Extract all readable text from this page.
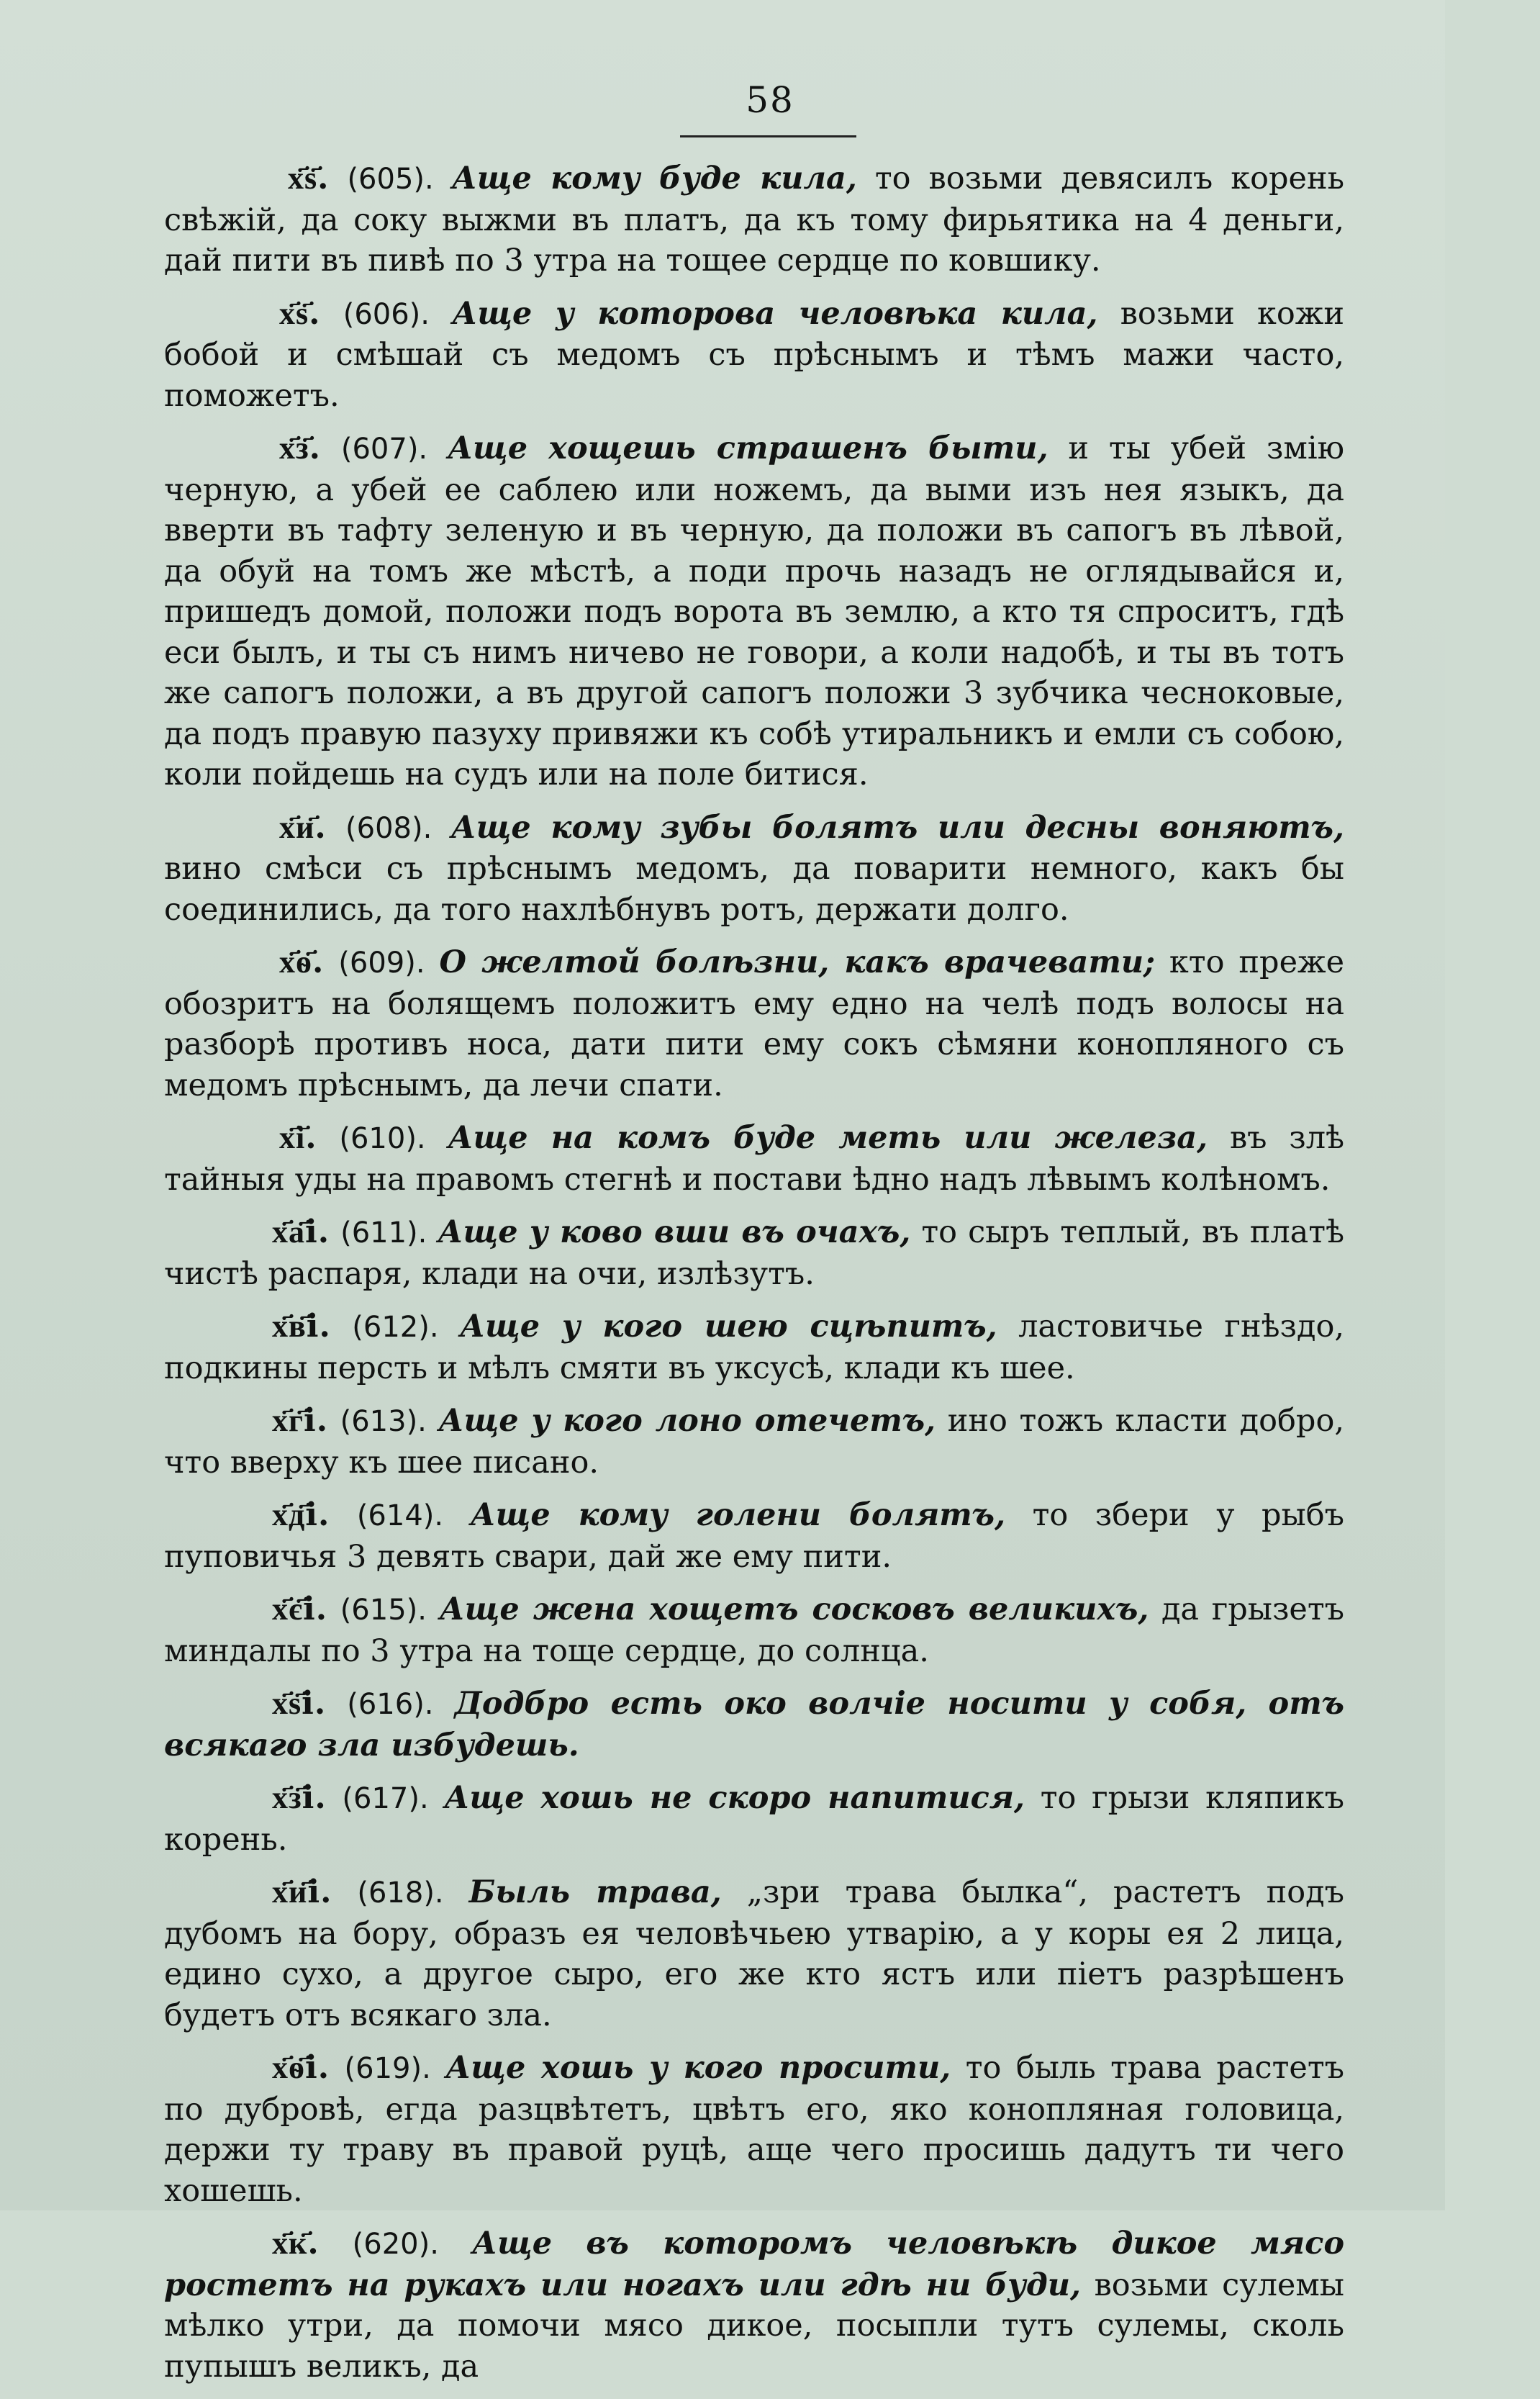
58

х҃ѕ҃. (605). Аще кому буде кила, то возьми девясилъ корень свѣжій, да соку выжми въ платъ, да къ тому фирьятика на 4 деньги, дай пити въ пивѣ по 3 утра на тощее сердце по ковшику.

х҃ѕ҃. (606). Аще у которова человѣка кила, возьми кожи бобой и смѣшай съ медомъ съ прѣснымъ и тѣмъ мажи часто, поможетъ.

х҃з҃. (607). Аще хощешь страшенъ быти, и ты убей змію черную, а убей ее саблею или ножемъ, да выми изъ нея языкъ, да вверти въ тафту зеленую и въ черную, да положи въ сапогъ въ лѣвой, да обуй на томъ же мѣстѣ, а поди прочь назадъ не оглядывайся и, пришедъ домой, положи подъ ворота въ землю, а кто тя спроситъ, гдѣ еси былъ, и ты съ нимъ ничево не говори, а коли надобѣ, и ты въ тотъ же сапогъ положи, а въ другой сапогъ положи 3 зубчика чесноковые, да подъ правую пазуху привяжи къ собѣ утиральникъ и емли съ собою, коли пойдешь на судъ или на поле битися.

х҃и҃. (608). Аще кому зубы болятъ или десны воняютъ, вино смѣси съ прѣснымъ медомъ, да поварити немного, какъ бы соединились, да того нахлѣбнувъ ротъ, держати долго.

х҃ѳ҃. (609). О желтой болѣзни, какъ врачевати; кто преже обозритъ на болящемъ положитъ ему едно на челѣ подъ волосы на разборѣ противъ носа, дати пити ему сокъ сѣмяни конопляного съ медомъ прѣснымъ, да лечи спати.

х҃і҃. (610). Аще на комъ буде меть или железа, въ злѣ тайныя уды на правомъ стегнѣ и постави ѣдно надъ лѣвымъ колѣномъ.

х҃а҃і. (611). Аще у ково вши въ очахъ, то сыръ теплый, въ платѣ чистѣ распаря, клади на очи, излѣзутъ.

х҃в҃і. (612). Аще у кого шею сцѣпитъ, ластовичье гнѣздо, подкины персть и мѣлъ смяти въ уксусѣ, клади къ шее.

х҃г҃і. (613). Аще у кого лоно отечетъ, ино тожъ класти добро, что вверху къ шее писано.

х҃д҃і. (614). Аще кому голени болятъ, то збери у рыбъ пуповичья 3 девять свари, дай же ему пити.

х҃є҃і. (615). Аще жена хощетъ сосковъ великихъ, да грызетъ миндалы по 3 утра на тоще сердце, до солнца.

х҃ѕ҃і. (616). Додбро есть око волчіе носити у собя, отъ всякаго зла избудешь.

х҃з҃і. (617). Аще хошь не скоро напитися, то грызи кляпикъ корень.

х҃и҃і. (618). Быль трава, „зри трава былка“, растетъ подъ дубомъ на бору, образъ ея человѣчьею утварію, а у коры ея 2 лица, едино сухо, а другое сыро, его же кто ястъ или піетъ разрѣшенъ будетъ отъ всякаго зла.

х҃ѳ҃і. (619). Аще хошь у кого просити, то быль трава растетъ по дубровѣ, егда разцвѣтетъ, цвѣтъ его, яко конопляная головица, держи ту траву въ правой руцѣ, аще чего просишь дадутъ ти чего хошешь.

х҃к҃. (620). Аще въ которомъ человѣкѣ дикое мясо ростетъ на рукахъ или ногахъ или гдѣ ни буди, возьми сулемы мѣлко утри, да помочи мясо дикое, посыпли тутъ сулемы, сколь пупышъ великъ, да
